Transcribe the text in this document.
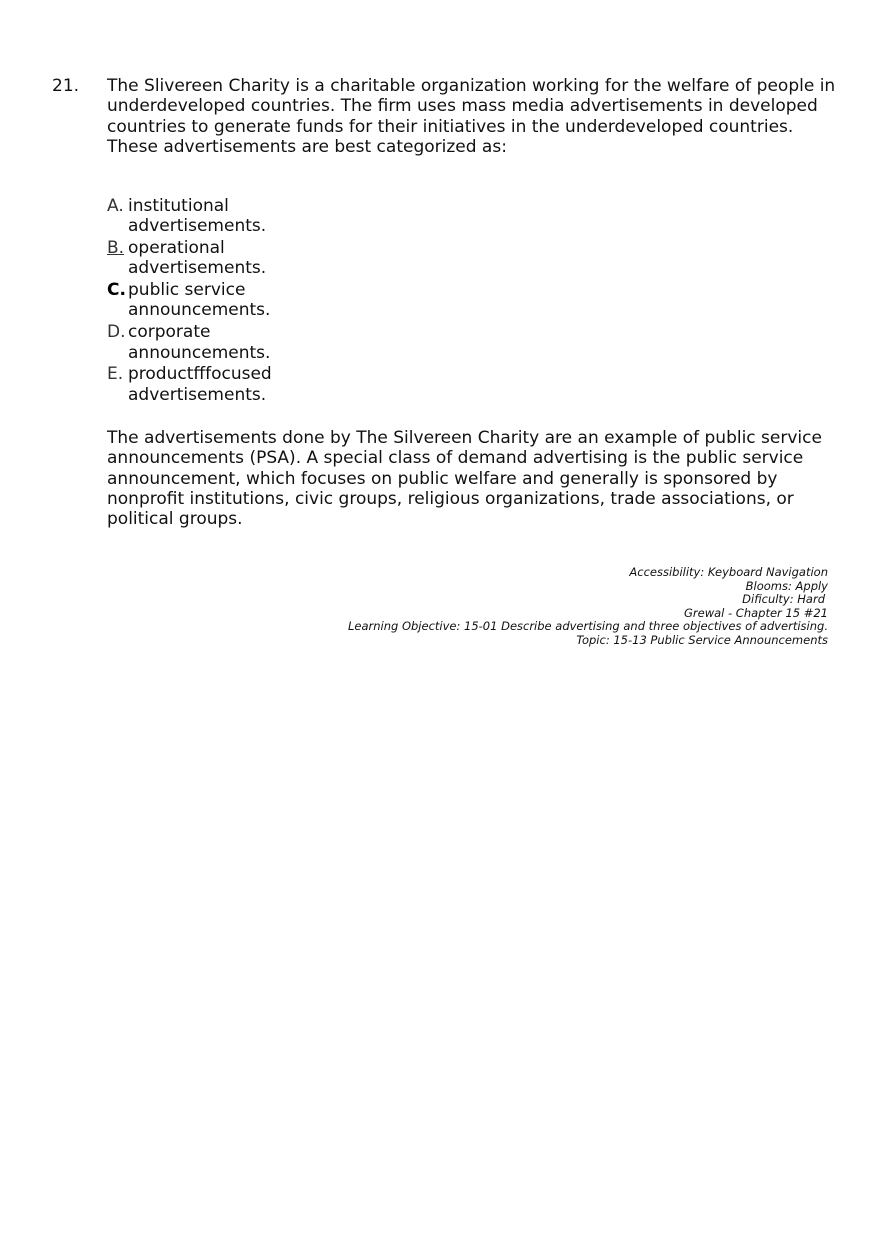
21. The Slivereen Charity is a charitable organization working for the welfare of people in underdeveloped countries. The firm uses mass media advertisements in developed countries to generate funds for their initiatives in the underdeveloped countries. These advertisements are best categorized as:
A. institutional advertisements.
B. operational advertisements.
C. public service announcements.
D. corporate announcements.
E. productfffocused advertisements.
The advertisements done by The Silvereen Charity are an example of public service announcements (PSA). A special class of demand advertising is the public service announcement, which focuses on public welfare and generally is sponsored by nonprofit institutions, civic groups, religious organizations, trade associations, or political groups.
Accessibility: Keyboard Navigation
Blooms: Apply
Diﬁculty: Hard
Grewal - Chapter 15 #21
Learning Objective: 15-01 Describe advertising and three objectives of advertising.
Topic: 15-13 Public Service Announcements
